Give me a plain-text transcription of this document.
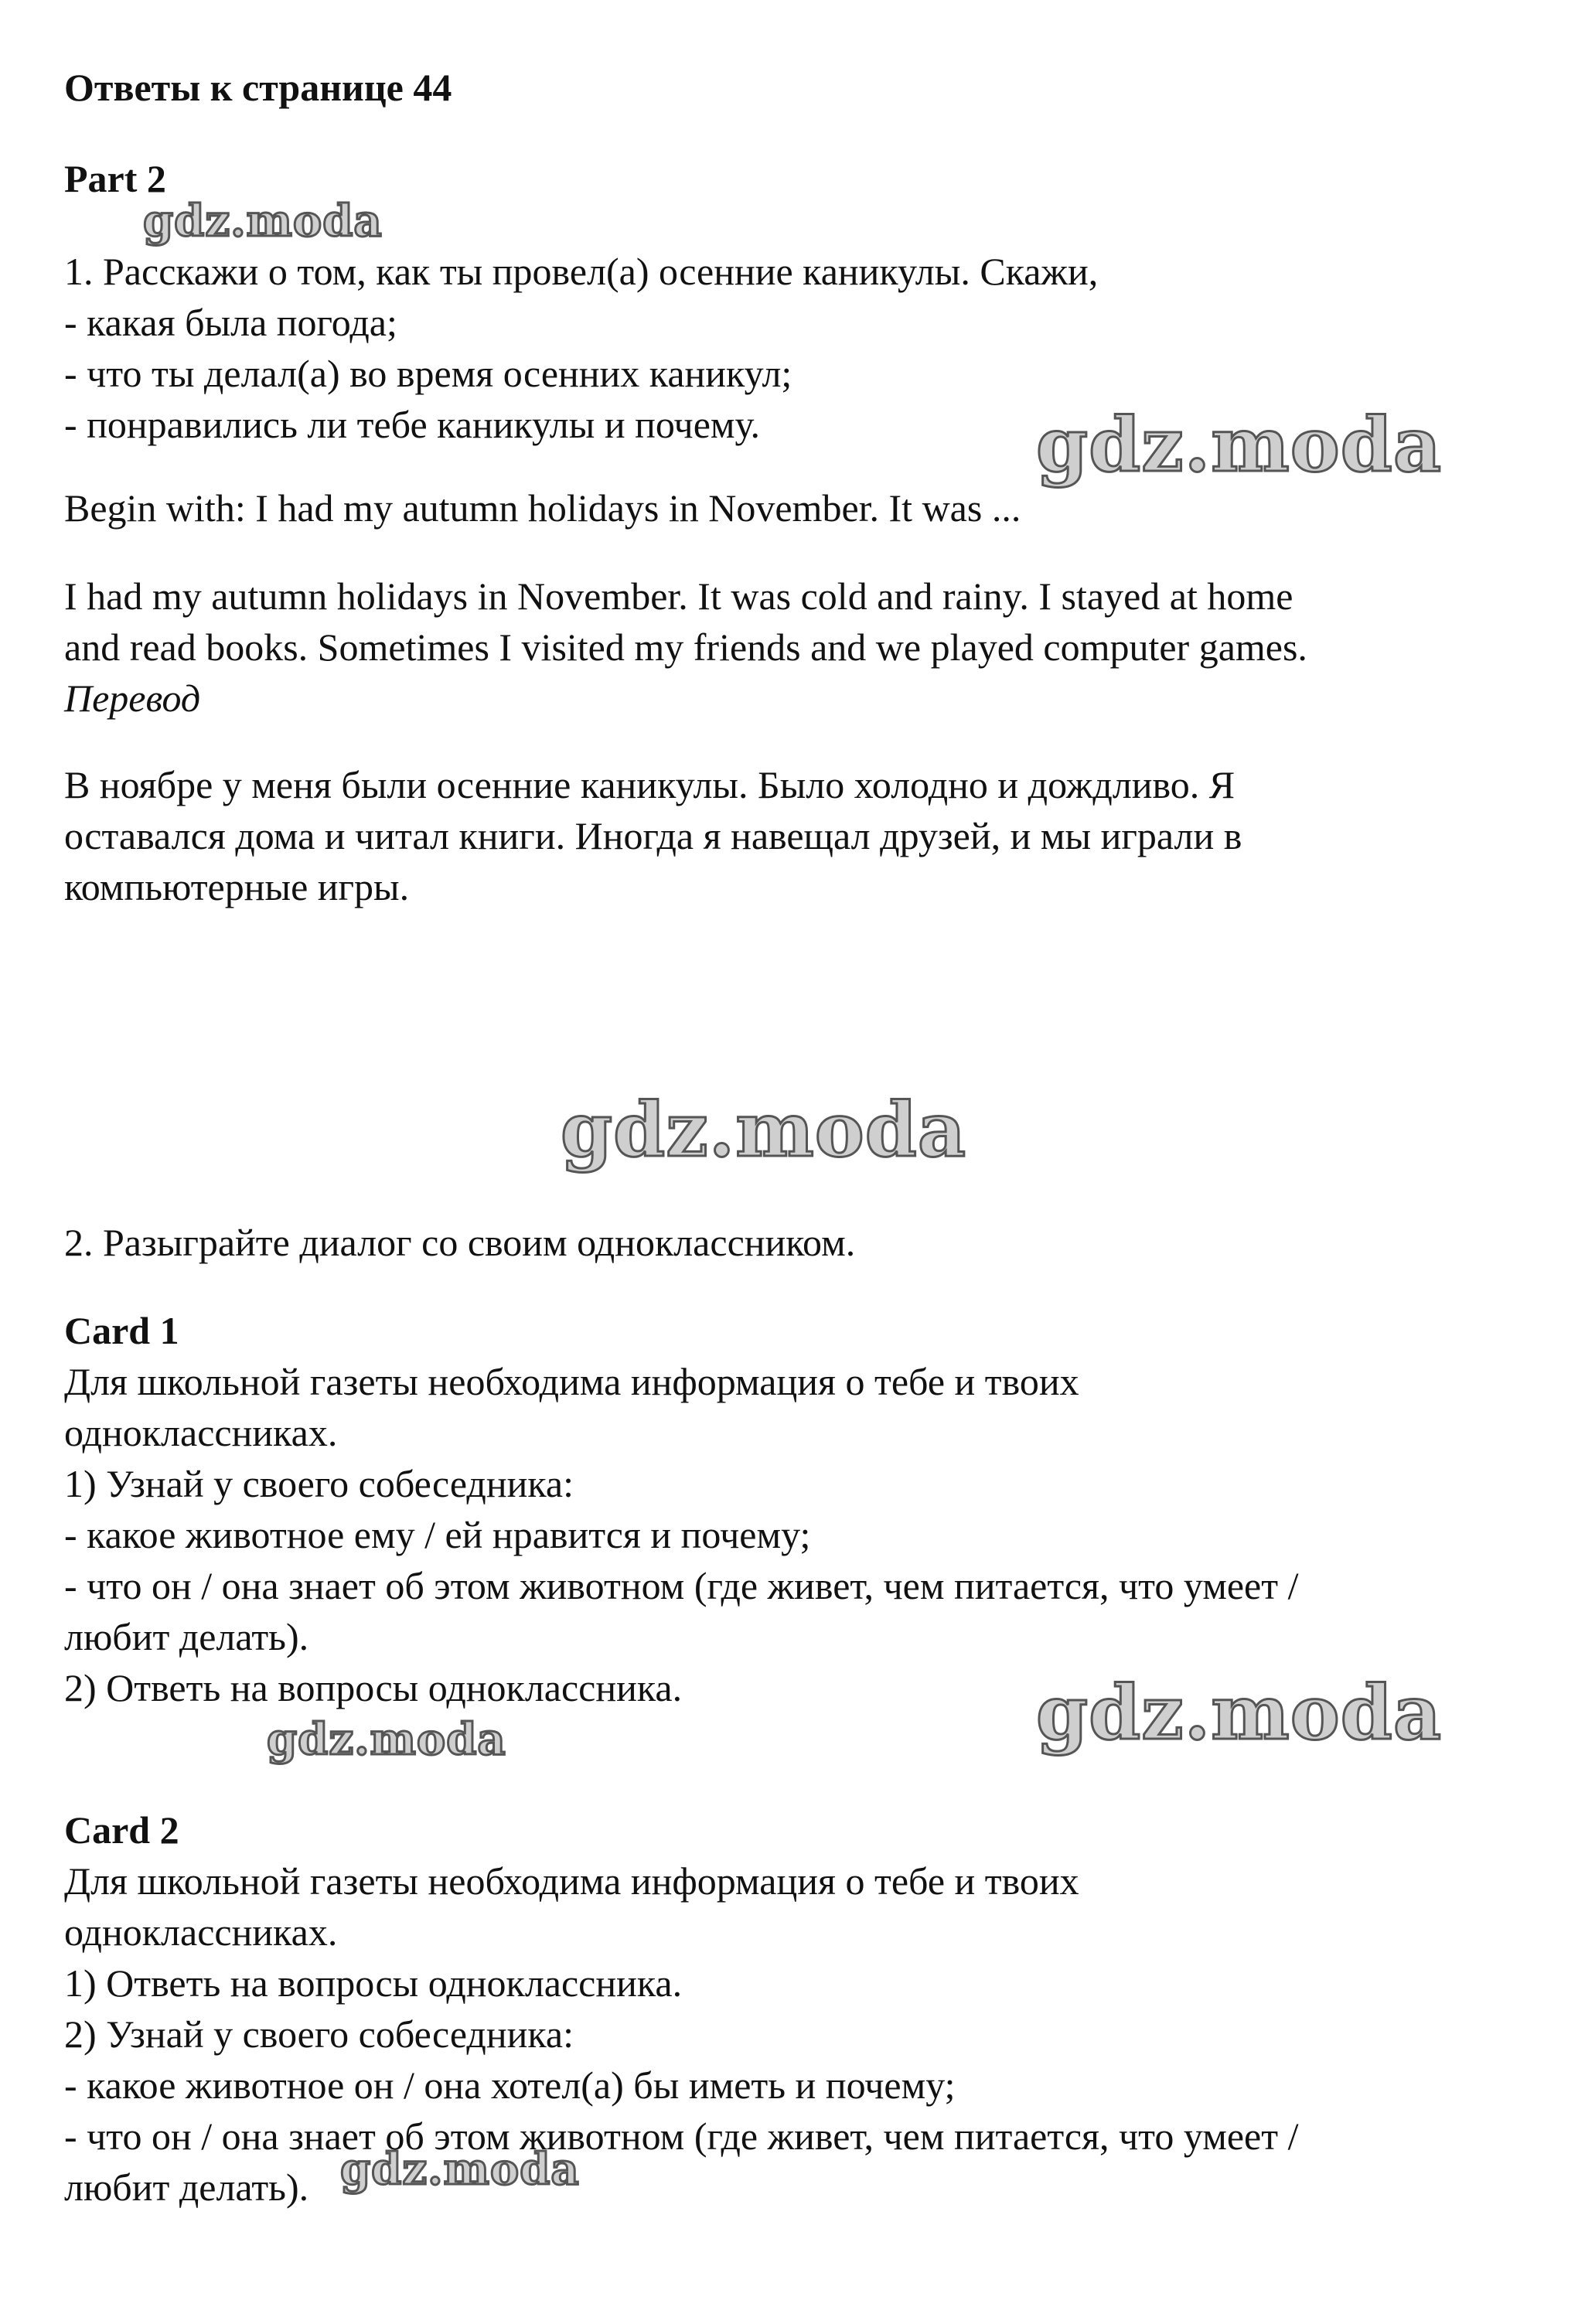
Ответы к странице 44
Part 2
1. Расскажи о том, как ты провел(а) осенние каникулы. Скажи,
- какая была погода;
- что ты делал(а) во время осенних каникул;
- понравились ли тебе каникулы и почему.
Begin with: I had my autumn holidays in November. It was ...
I had my autumn holidays in November. It was cold and rainy. I stayed at home
and read books. Sometimes I visited my friends and we played computer games.
Перевод
В ноябре у меня были осенние каникулы. Было холодно и дождливо. Я
оставался дома и читал книги. Иногда я навещал друзей, и мы играли в
компьютерные игры.
2. Разыграйте диалог со своим одноклассником.
Card 1
Для школьной газеты необходима информация о тебе и твоих
одноклассниках.
1) Узнай у своего собеседника:
- какое животное ему / ей нравится и почему;
- что он / она знает об этом животном (где живет, чем питается, что умеет /
любит делать).
2) Ответь на вопросы одноклассника.
Card 2
Для школьной газеты необходима информация о тебе и твоих
одноклассниках.
1) Ответь на вопросы одноклассника.
2) Узнай у своего собеседника:
- какое животное он / она хотел(а) бы иметь и почему;
- что он / она знает об этом животном (где живет, чем питается, что умеет /
любит делать).
gdz.moda
gdz.moda
gdz.moda
gdz.moda
gdz.moda
gdz.moda
